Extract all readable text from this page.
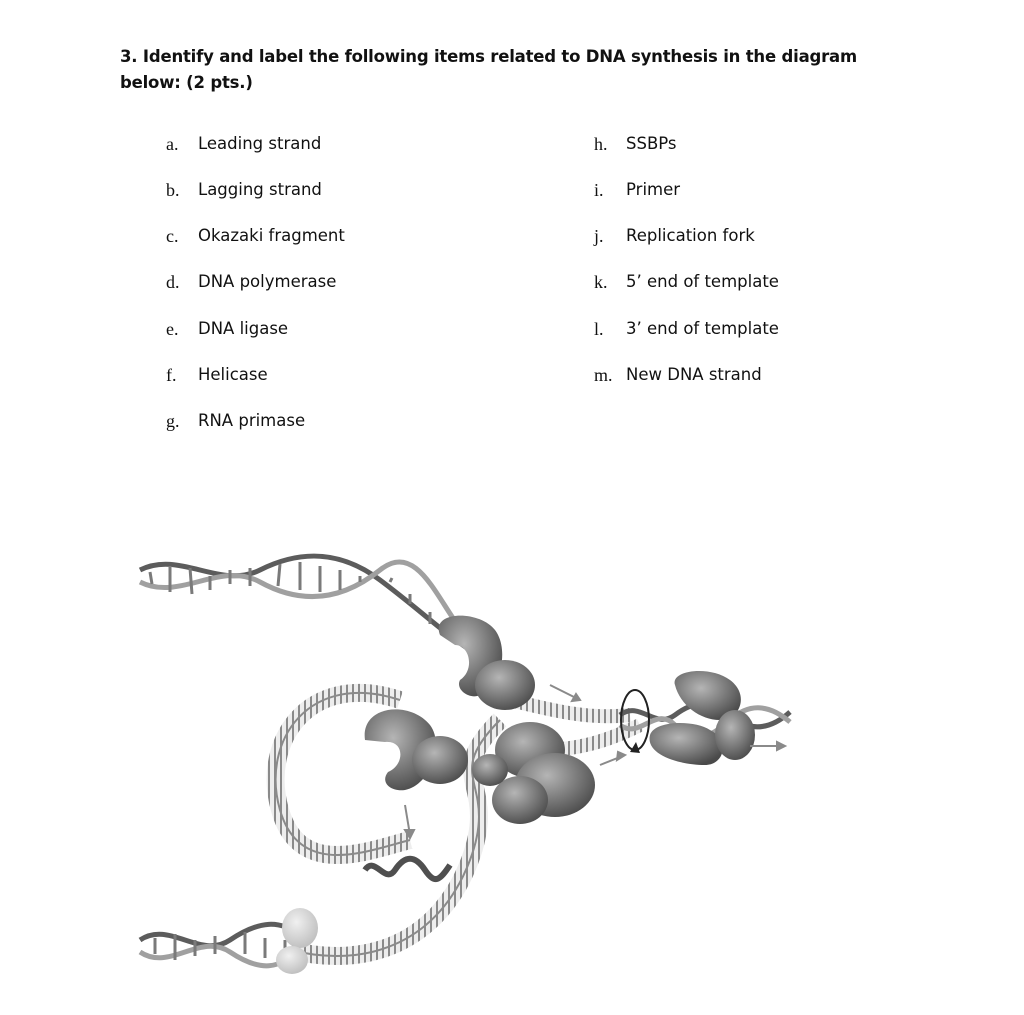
3. Identify and label the following items related to DNA synthesis in the diagram below: (2 pts.)
a. Leading strand
b. Lagging strand
c. Okazaki fragment
d. DNA polymerase
e. DNA ligase
f. Helicase
g. RNA primase
h. SSBPs
i. Primer
j. Replication fork
k. 5’ end of template
l. 3’ end of template
m. New DNA strand
